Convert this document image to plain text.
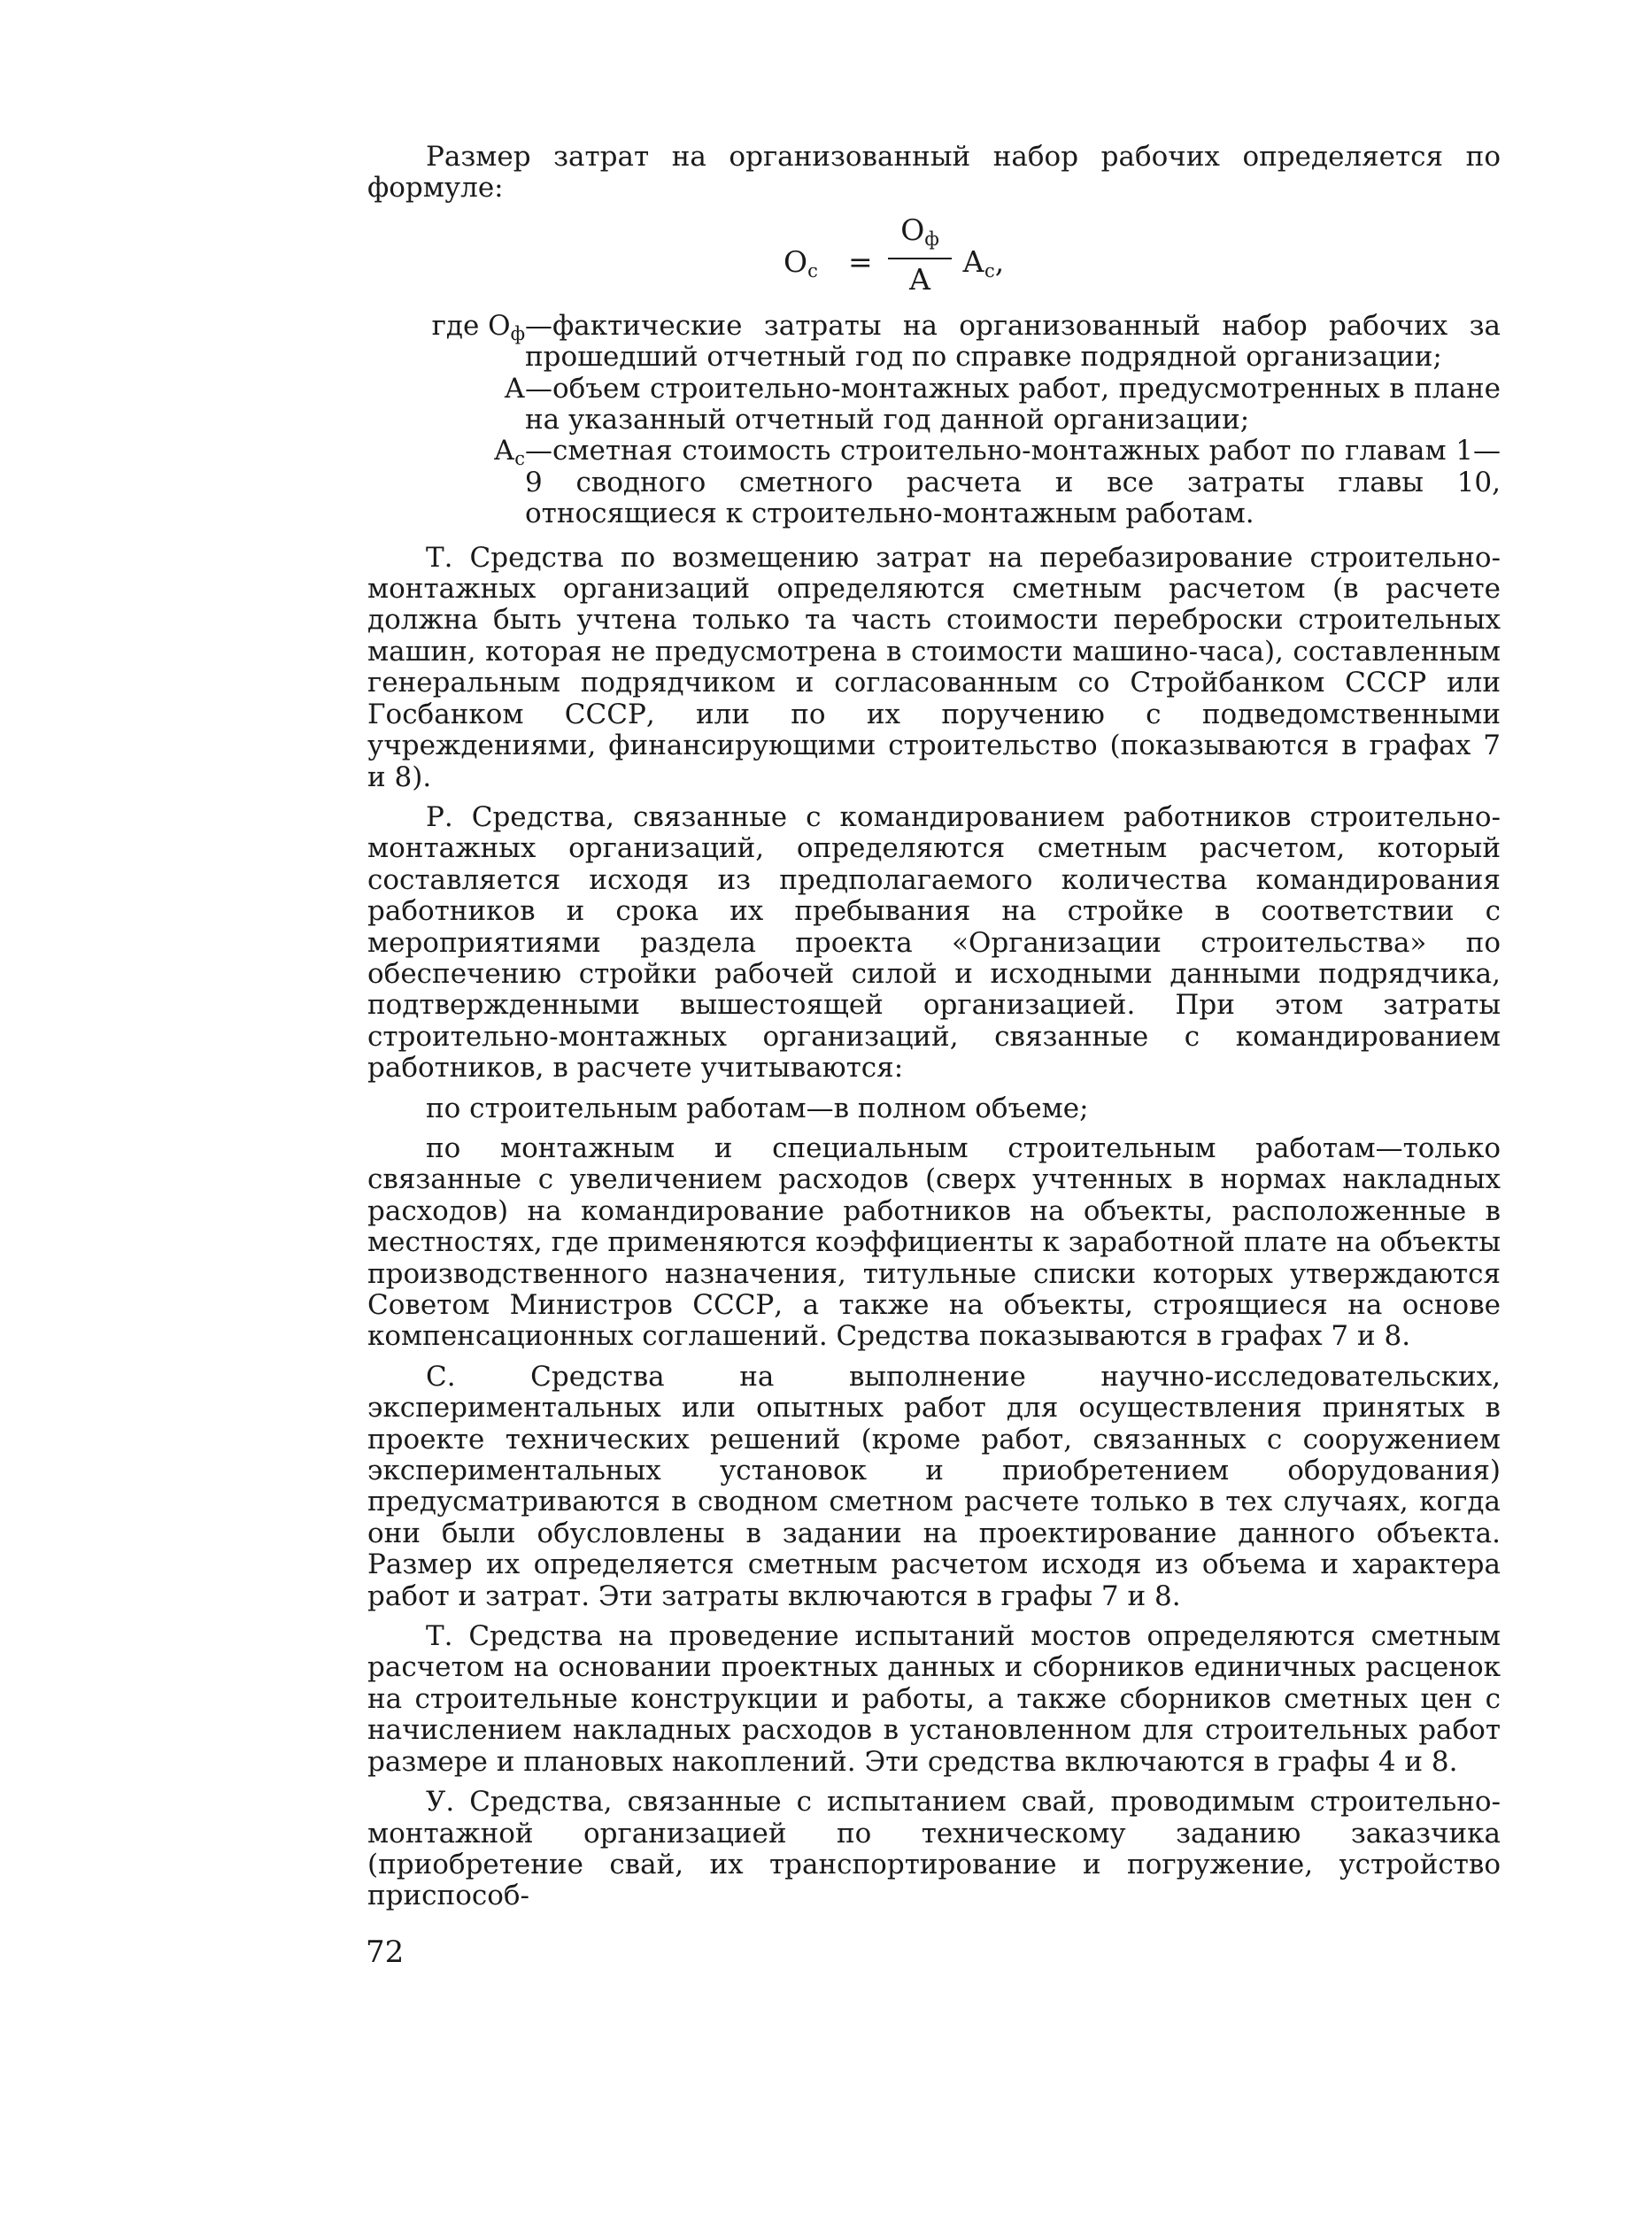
Размер затрат на организованный набор рабочих определяется по формуле:

$О_с$ =
$О_ф$
А
$А_с$,
где $О_ф$ —фактические затраты на организованный набор рабочих за прошедший отчетный год по справке подрядной организации;
А —объем строительно-монтажных работ, предусмотренных в плане на указанный отчетный год данной организации;
$А_с$ —сметная стоимость строительно-монтажных работ по главам 1—9 сводного сметного расчета и все затраты главы 10, относящиеся к строительно-монтажным работам.

Т. Средства по возмещению затрат на перебазирование строительно-монтажных организаций определяются сметным расчетом (в расчете должна быть учтена только та часть стоимости переброски строительных машин, которая не предусмотрена в стоимости машино-часа), составленным генеральным подрядчиком и согласованным со Стройбанком СССР или Госбанком СССР, или по их поручению с подведомственными учреждениями, финансирующими строительство (показываются в графах 7 и 8).

Р. Средства, связанные с командированием работников строительно-монтажных организаций, определяются сметным расчетом, который составляется исходя из предполагаемого количества командирования работников и срока их пребывания на стройке в соответствии с мероприятиями раздела проекта «Организации строительства» по обеспечению стройки рабочей силой и исходными данными подрядчика, подтвержденными вышестоящей организацией. При этом затраты строительно-монтажных организаций, связанные с командированием работников, в расчете учитываются:

по строительным работам—в полном объеме;

по монтажным и специальным строительным работам—только связанные с увеличением расходов (сверх учтенных в нормах накладных расходов) на командирование работников на объекты, расположенные в местностях, где применяются коэффициенты к заработной плате на объекты производственного назначения, титульные списки которых утверждаются Советом Министров СССР, а также на объекты, строящиеся на основе компенсационных соглашений. Средства показываются в графах 7 и 8.

С. Средства на выполнение научно-исследовательских, экспериментальных или опытных работ для осуществления принятых в проекте технических решений (кроме работ, связанных с сооружением экспериментальных установок и приобретением оборудования) предусматриваются в сводном сметном расчете только в тех случаях, когда они были обусловлены в задании на проектирование данного объекта. Размер их определяется сметным расчетом исходя из объема и характера работ и затрат. Эти затраты включаются в графы 7 и 8.

Т. Средства на проведение испытаний мостов определяются сметным расчетом на основании проектных данных и сборников единичных расценок на строительные конструкции и работы, а также сборников сметных цен с начислением накладных расходов в установленном для строительных работ размере и плановых накоплений. Эти средства включаются в графы 4 и 8.

У. Средства, связанные с испытанием свай, проводимым строительно-монтажной организацией по техническому заданию заказчика (приобретение свай, их транспортирование и погружение, устройство приспособ-

72
